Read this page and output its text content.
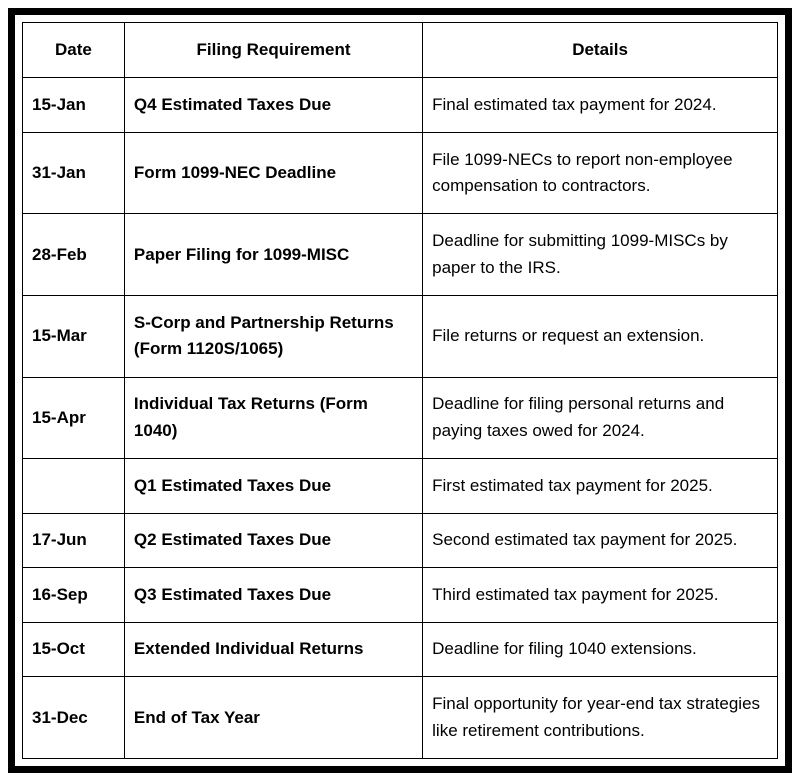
Date	Filing Requirement	Details
15-Jan	Q4 Estimated Taxes Due	Final estimated tax payment for 2024.
31-Jan	Form 1099-NEC Deadline	File 1099-NECs to report non-employee compensation to contractors.
28-Feb	Paper Filing for 1099-MISC	Deadline for submitting 1099-MISCs by paper to the IRS.
15-Mar	S-Corp and Partnership Returns (Form 1120S/1065)	File returns or request an extension.
15-Apr	Individual Tax Returns (Form 1040)	Deadline for filing personal returns and paying taxes owed for 2024.
	Q1 Estimated Taxes Due	First estimated tax payment for 2025.
17-Jun	Q2 Estimated Taxes Due	Second estimated tax payment for 2025.
16-Sep	Q3 Estimated Taxes Due	Third estimated tax payment for 2025.
15-Oct	Extended Individual Returns	Deadline for filing 1040 extensions.
31-Dec	End of Tax Year	Final opportunity for year-end tax strategies like retirement contributions.
